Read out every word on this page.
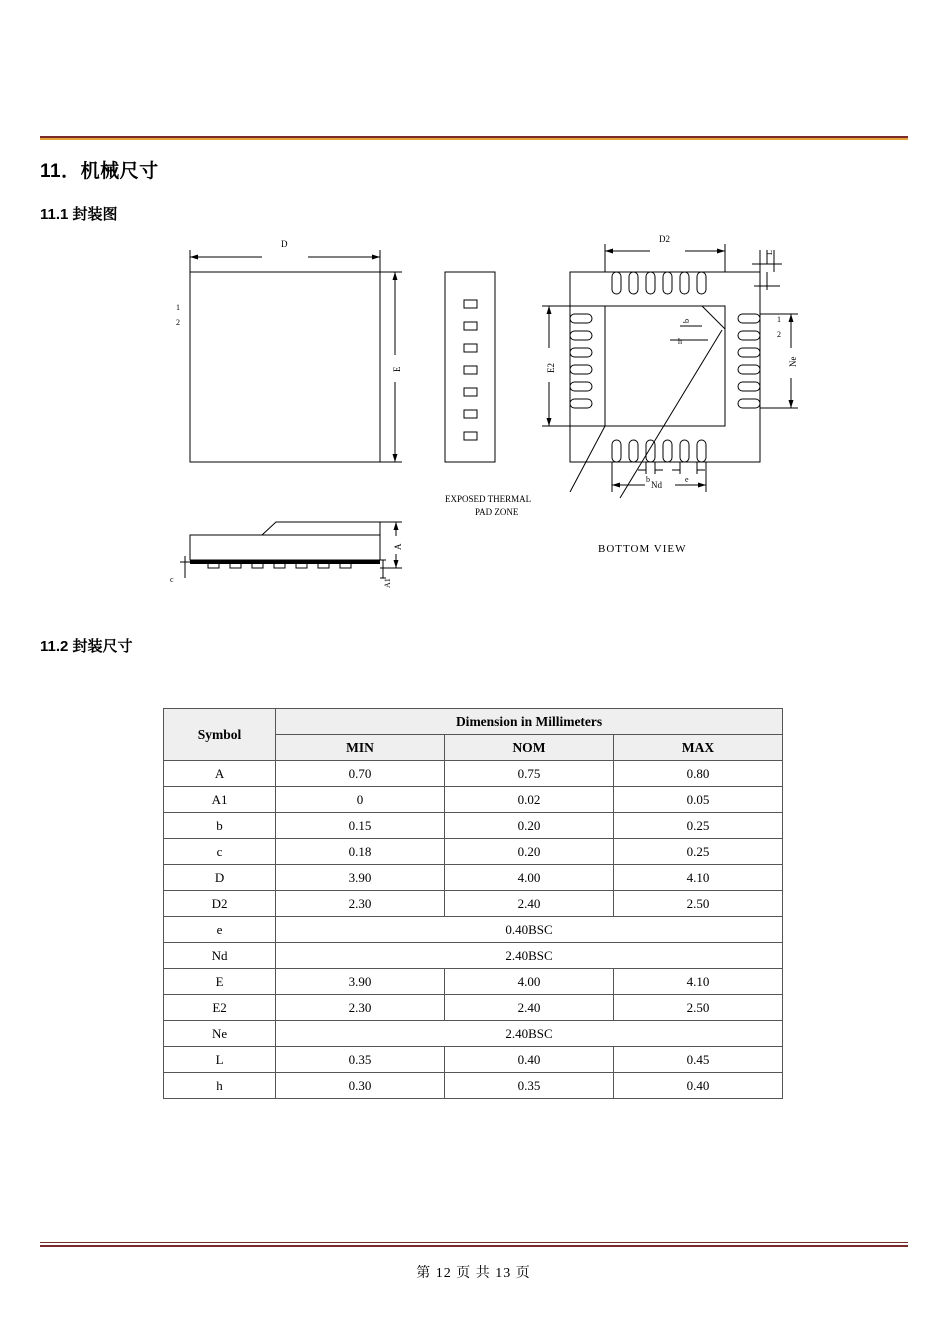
11．机械尺寸
11.1 封装图
11.2 封装尺寸
D
E
1
2
D2
E2
Nd
Ne
b	e
b
h
L
1
2
EXPOSED THERMAL
PAD ZONE
BOTTOM VIEW
A
A1
c
Symbol	Dimension in Millimeters		
	MIN	NOM	MAX
A	0.70	0.75	0.80
A1	0	0.02	0.05
b	0.15	0.20	0.25
c	0.18	0.20	0.25
D	3.90	4.00	4.10
D2	2.30	2.40	2.50
e	0.40BSC		
Nd	2.40BSC		
E	3.90	4.00	4.10
E2	2.30	2.40	2.50
Ne	2.40BSC		
L	0.35	0.40	0.45
h	0.30	0.35	0.40
第 12 页 共 13 页
